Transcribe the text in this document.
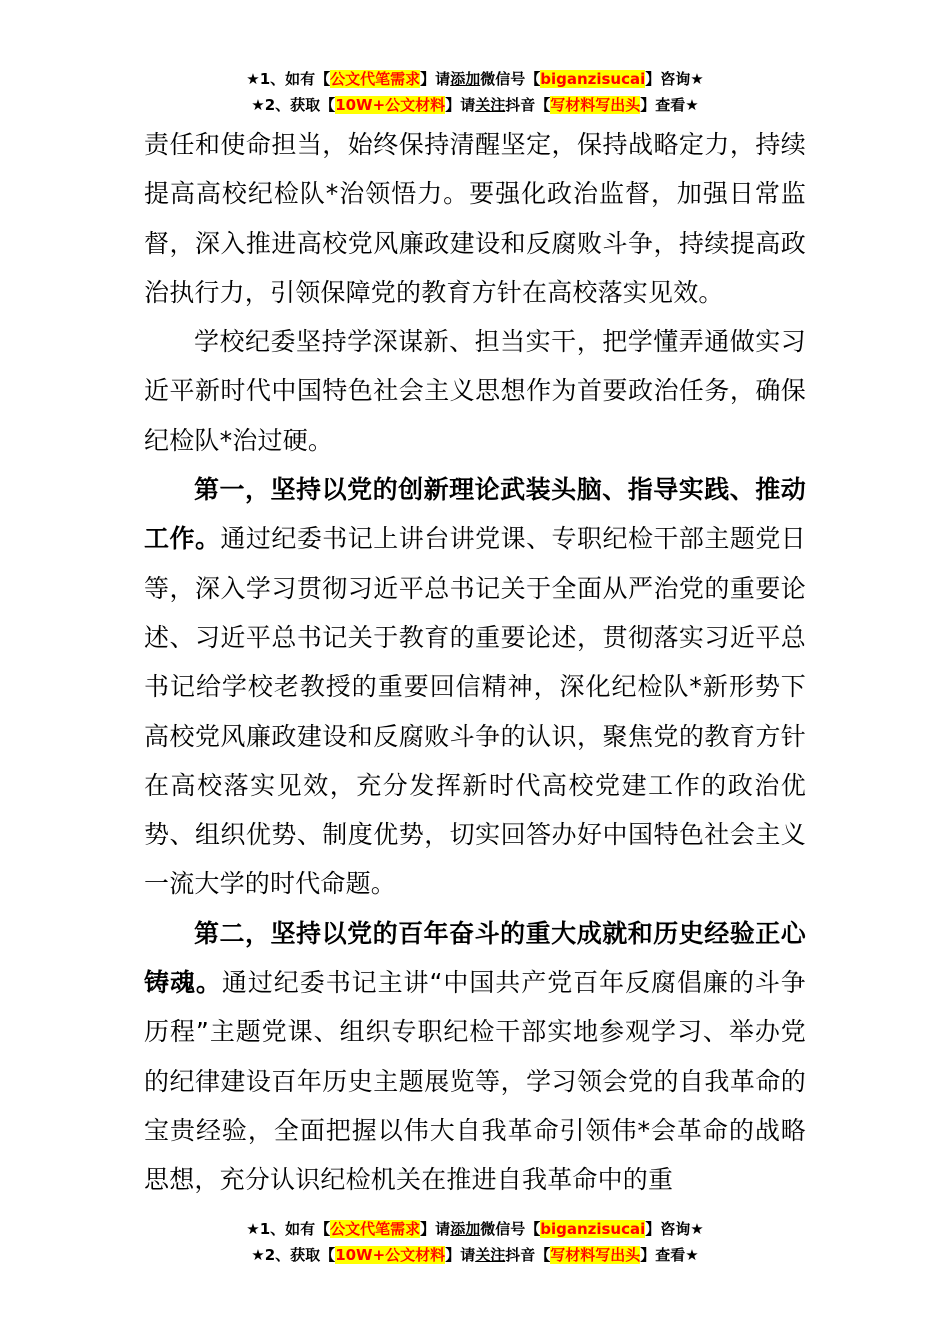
★1、如有【公文代笔需求】请添加微信号【biganzisucai】咨询★
★2、获取【10W+公文材料】请关注抖音【写材料写出头】查看★

责任和使命担当，始终保持清醒坚定，保持战略定力，持续提高高校纪检队*治领悟力。要强化政治监督，加强日常监督，深入推进高校党风廉政建设和反腐败斗争，持续提高政治执行力，引领保障党的教育方针在高校落实见效。

学校纪委坚持学深谋新、担当实干，把学懂弄通做实习近平新时代中国特色社会主义思想作为首要政治任务，确保纪检队*治过硬。

第一，坚持以党的创新理论武装头脑、指导实践、推动工作。通过纪委书记上讲台讲党课、专职纪检干部主题党日等，深入学习贯彻习近平总书记关于全面从严治党的重要论述、习近平总书记关于教育的重要论述，贯彻落实习近平总书记给学校老教授的重要回信精神，深化纪检队*新形势下高校党风廉政建设和反腐败斗争的认识，聚焦党的教育方针在高校落实见效，充分发挥新时代高校党建工作的政治优势、组织优势、制度优势，切实回答办好中国特色社会主义一流大学的时代命题。

第二，坚持以党的百年奋斗的重大成就和历史经验正心铸魂。通过纪委书记主讲“中国共产党百年反腐倡廉的斗争历程”主题党课、组织专职纪检干部实地参观学习、举办党的纪律建设百年历史主题展览等，学习领会党的自我革命的宝贵经验，全面把握以伟大自我革命引领伟*会革命的战略思想，充分认识纪检机关在推进自我革命中的重

★1、如有【公文代笔需求】请添加微信号【biganzisucai】咨询★
★2、获取【10W+公文材料】请关注抖音【写材料写出头】查看★
